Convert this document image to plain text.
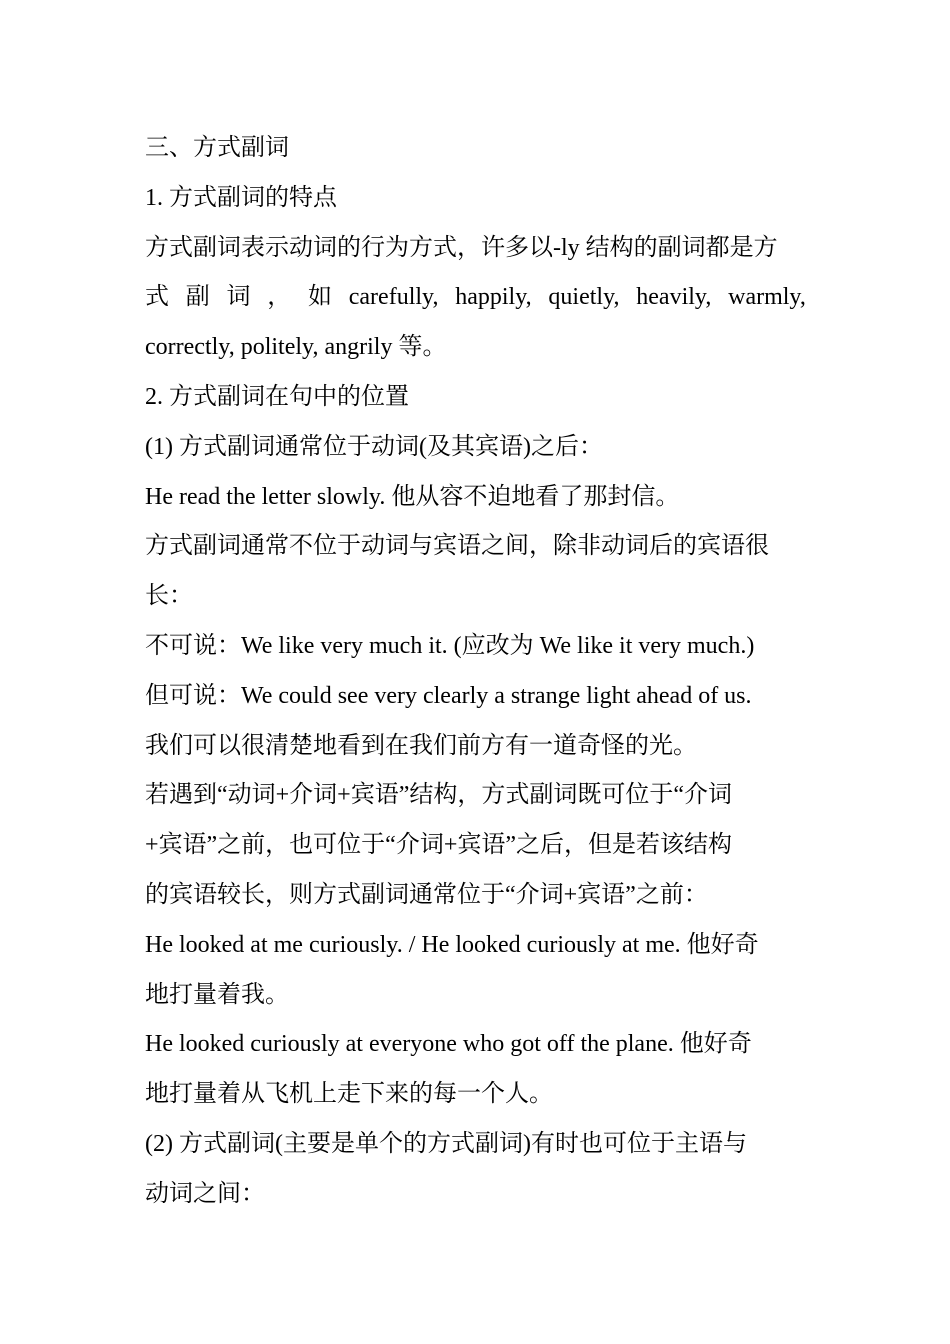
三、方式副词
1. 方式副词的特点
方式副词表示动词的行为方式，许多以-ly 结构的副词都是方
式 副 词 ， 如 carefully, happily, quietly, heavily, warmly,
correctly, politely, angrily 等。
2. 方式副词在句中的位置
(1) 方式副词通常位于动词(及其宾语)之后：
He read the letter slowly. 他从容不迫地看了那封信。
方式副词通常不位于动词与宾语之间，除非动词后的宾语很
长：
不可说：We like very much it. (应改为 We like it very much.)
但可说：We could see very clearly a strange light ahead of us.
我们可以很清楚地看到在我们前方有一道奇怪的光。
若遇到“动词+介词+宾语”结构，方式副词既可位于“介词
+宾语”之前，也可位于“介词+宾语”之后，但是若该结构
的宾语较长，则方式副词通常位于“介词+宾语”之前：
He looked at me curiously. / He looked curiously at me. 他好奇
地打量着我。
He looked curiously at everyone who got off the plane. 他好奇
地打量着从飞机上走下来的每一个人。
(2) 方式副词(主要是单个的方式副词)有时也可位于主语与
动词之间：
